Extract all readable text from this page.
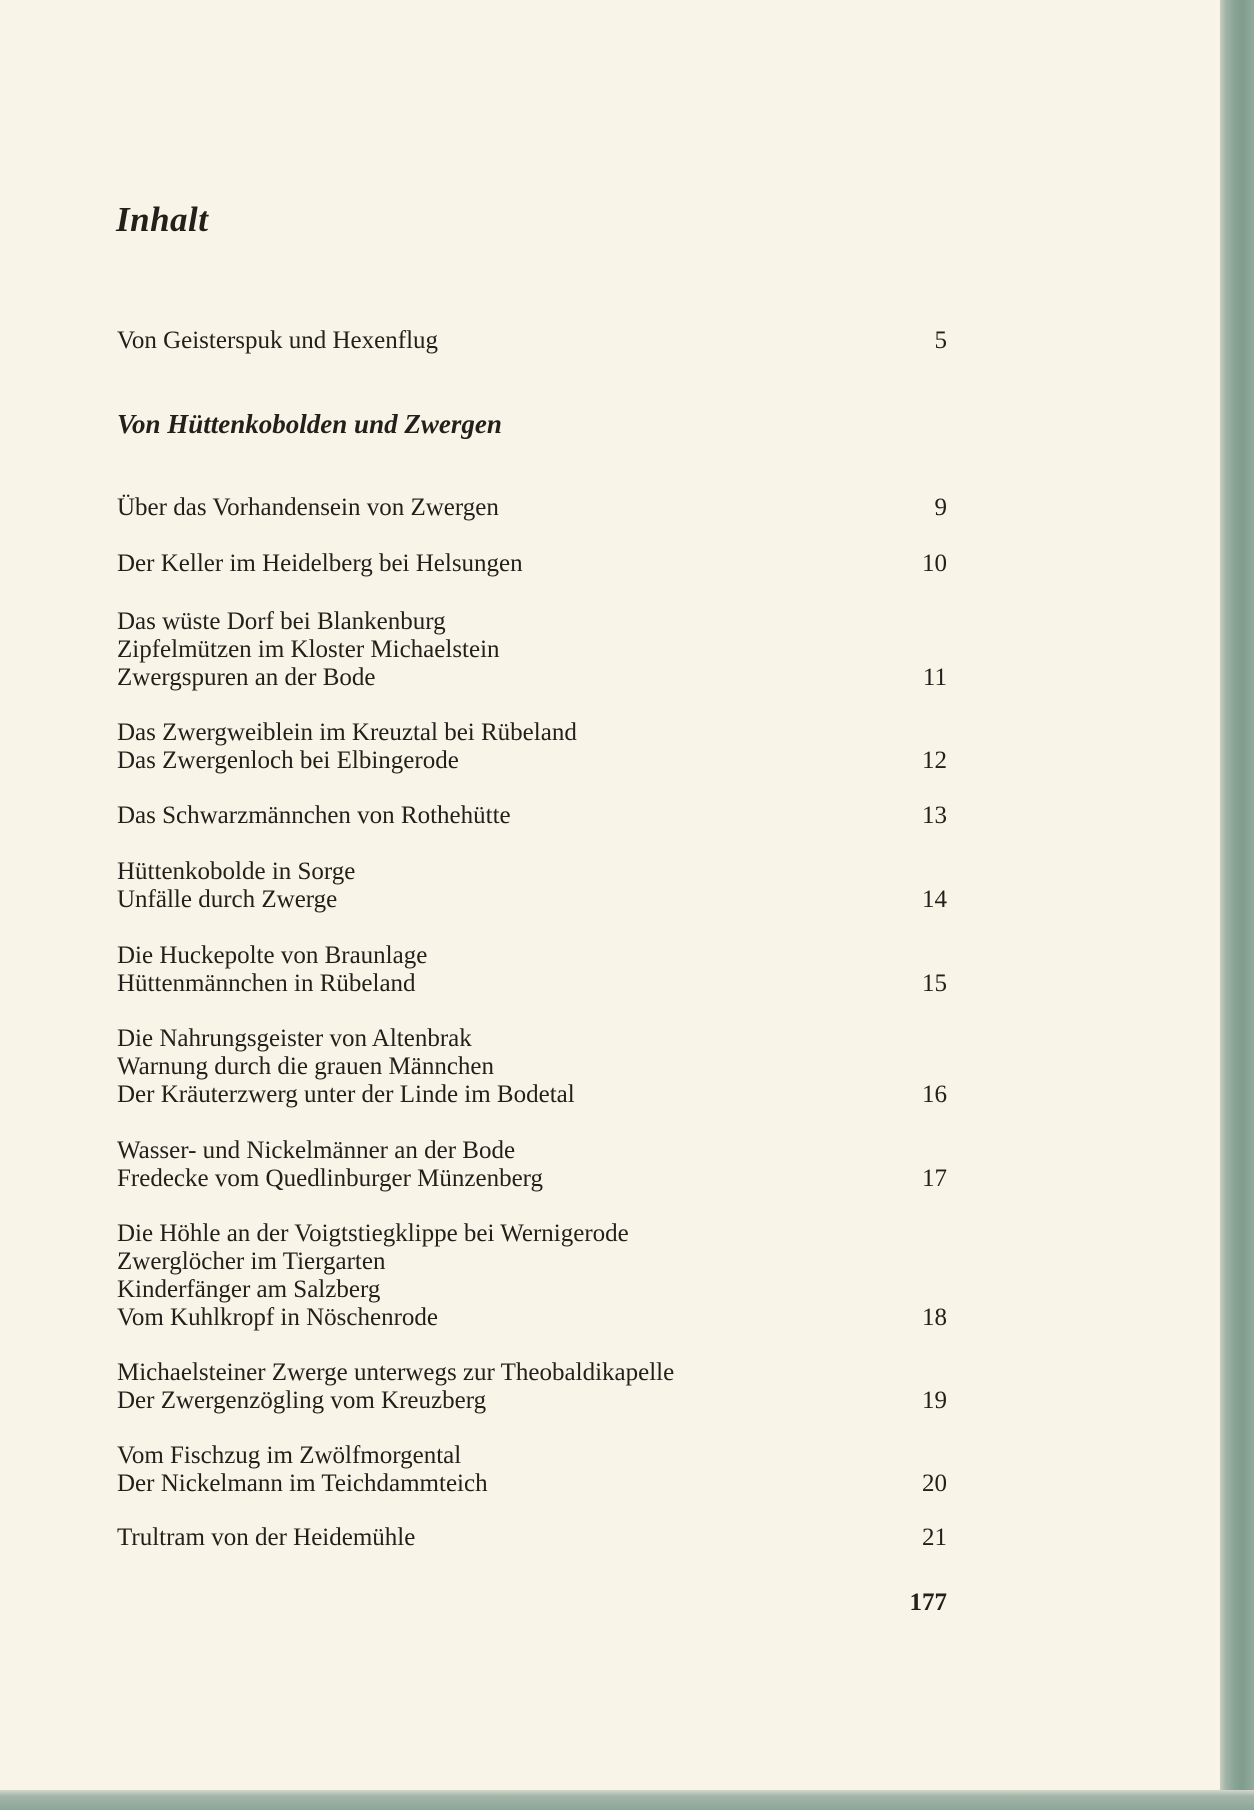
Inhalt
Von Geisterspuk und Hexenflug	5
Von Hüttenkobolden und Zwergen
Über das Vorhandensein von Zwergen	9
Der Keller im Heidelberg bei Helsungen	10
Das wüste Dorf bei Blankenburg
Zipfelmützen im Kloster Michaelstein
Zwergspuren an der Bode	11
Das Zwergweiblein im Kreuztal bei Rübeland
Das Zwergenloch bei Elbingerode	12
Das Schwarzmännchen von Rothehütte	13
Hüttenkobolde in Sorge
Unfälle durch Zwerge	14
Die Huckepolte von Braunlage
Hüttenmännchen in Rübeland	15
Die Nahrungsgeister von Altenbrak
Warnung durch die grauen Männchen
Der Kräuterzwerg unter der Linde im Bodetal	16
Wasser- und Nickelmänner an der Bode
Fredecke vom Quedlinburger Münzenberg	17
Die Höhle an der Voigtstiegklippe bei Wernigerode
Zwerglöcher im Tiergarten
Kinderfänger am Salzberg
Vom Kuhlkropf in Nöschenrode	18
Michaelsteiner Zwerge unterwegs zur Theobaldikapelle
Der Zwergenzögling vom Kreuzberg	19
Vom Fischzug im Zwölfmorgental
Der Nickelmann im Teichdammteich	20
Trultram von der Heidemühle	21
177
